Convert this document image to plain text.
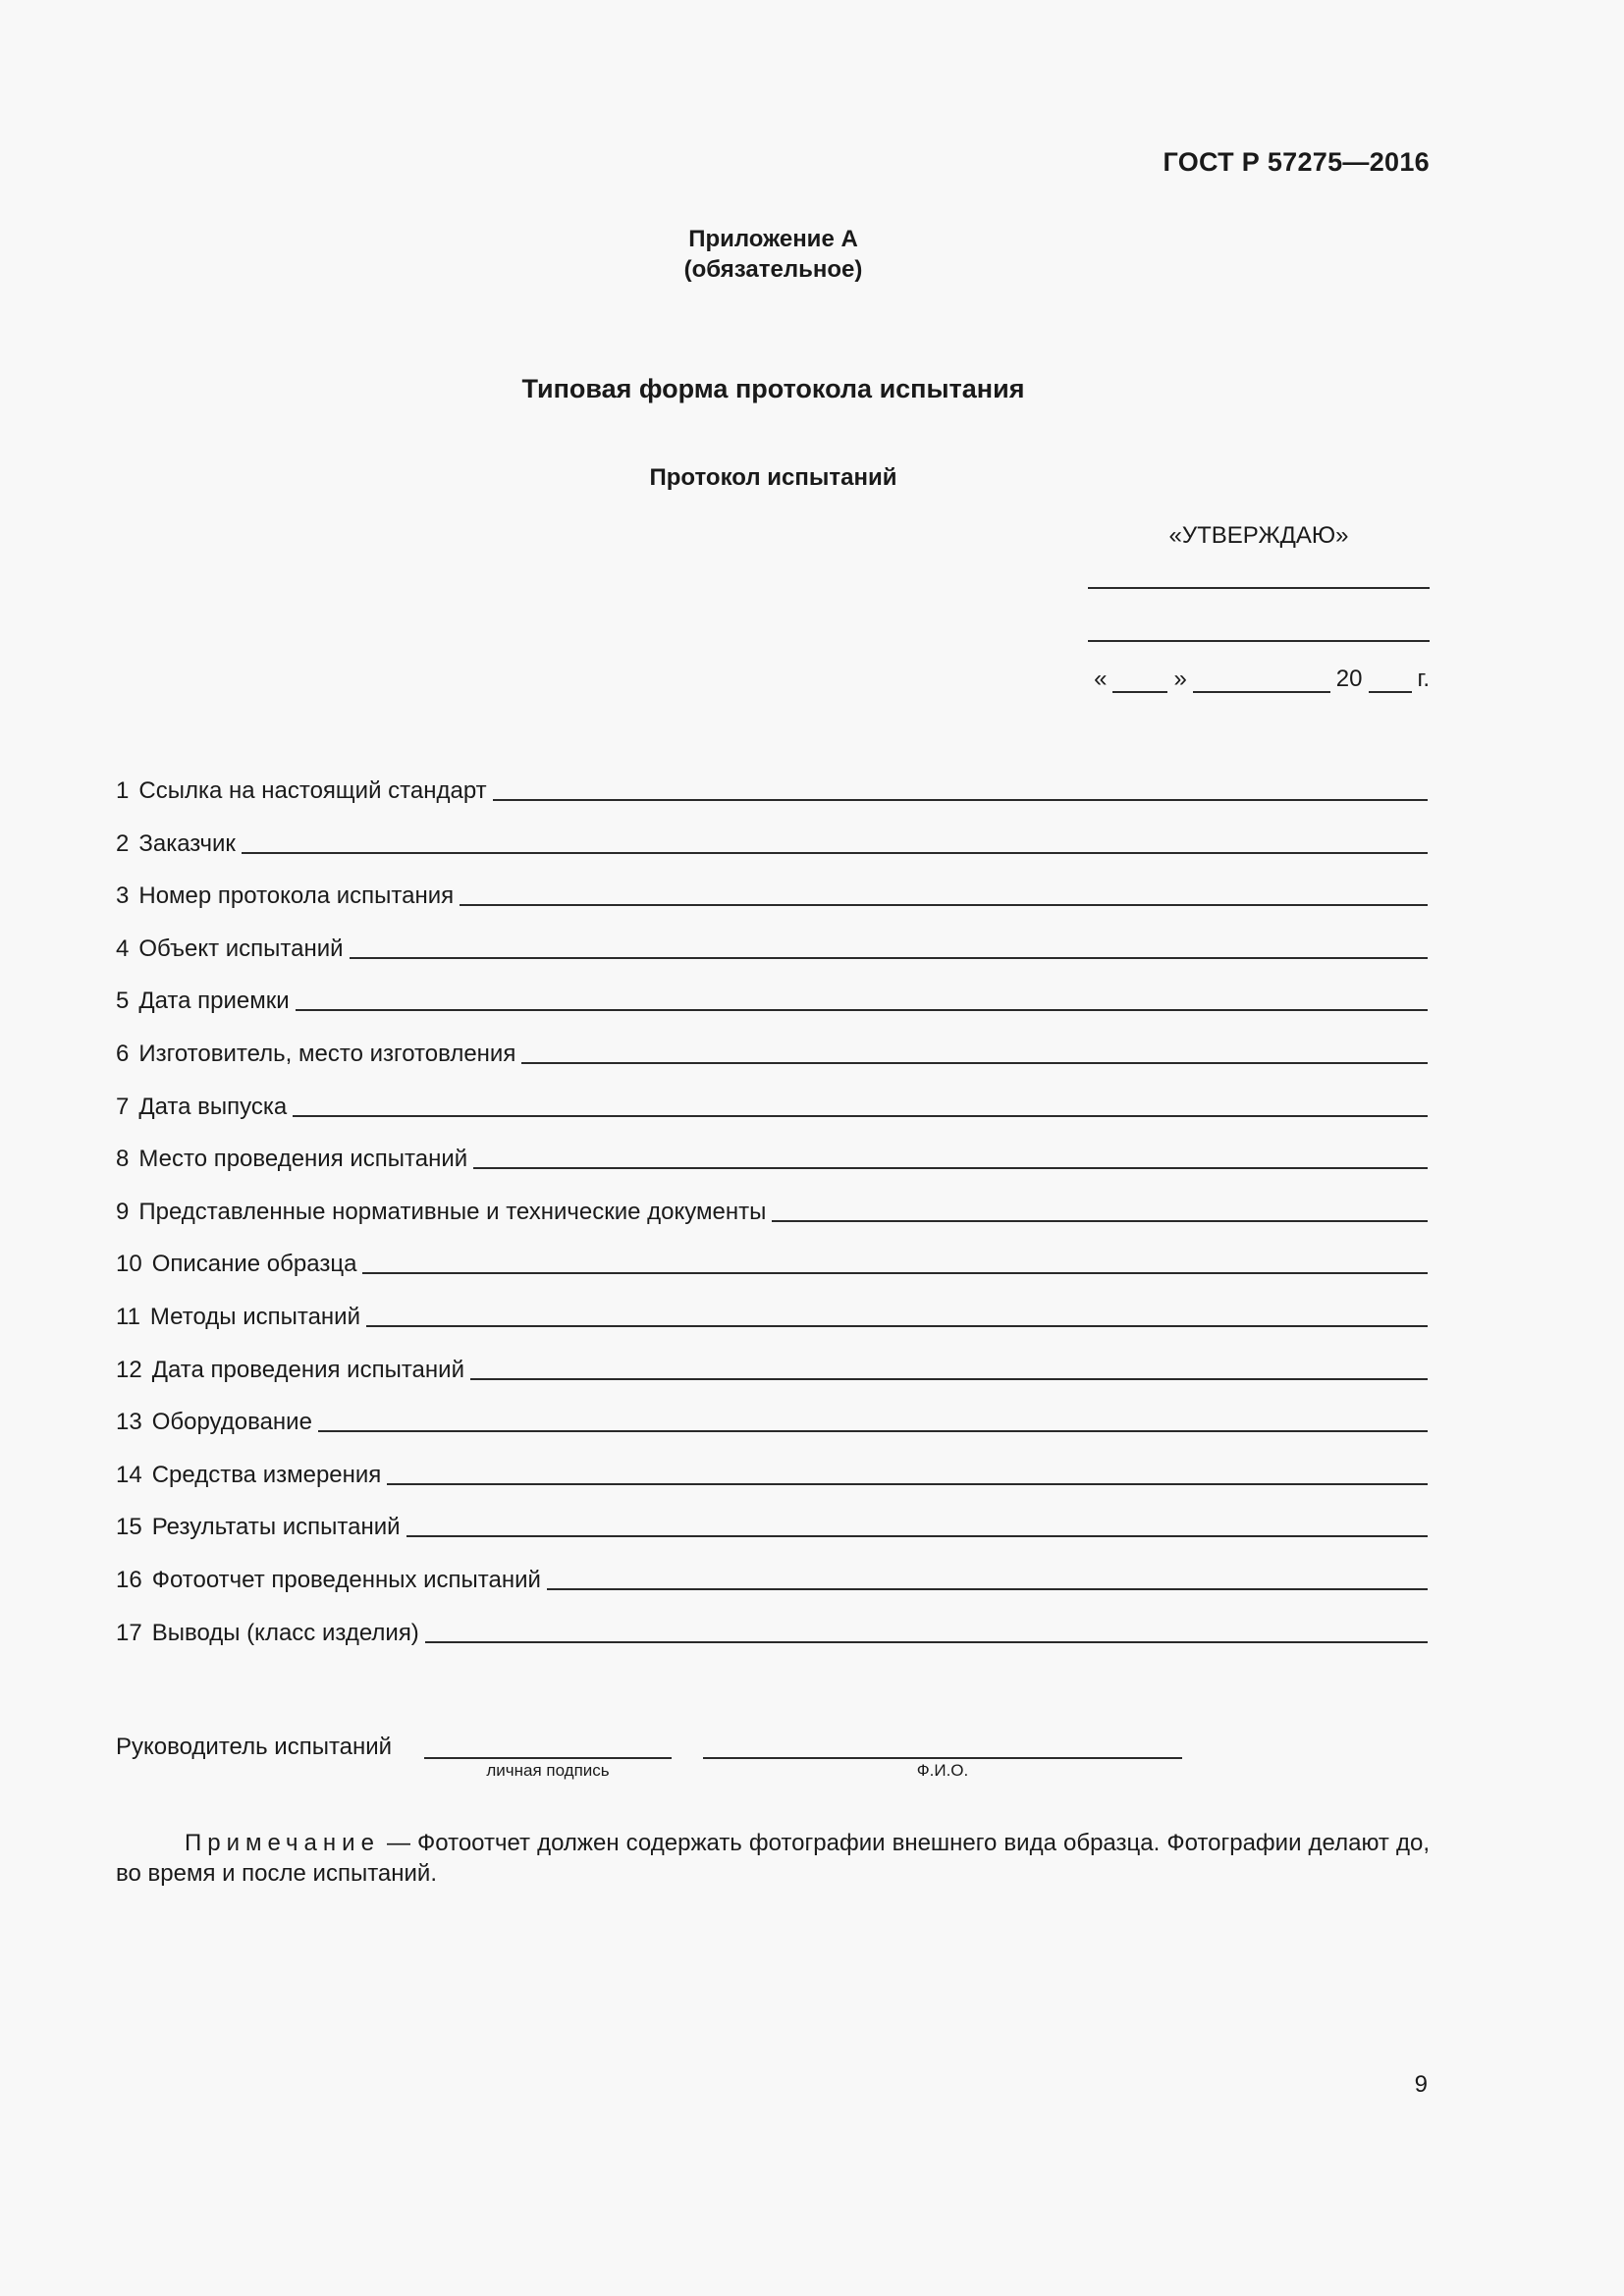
ГОСТ Р 57275—2016
Приложение А
(обязательное)
Типовая форма протокола испытания
Протокол испытаний
«УТВЕРЖДАЮ»
«	»	20 г.
1 Ссылка на настоящий стандарт
2 Заказчик
3 Номер протокола испытания
4 Объект испытаний
5 Дата приемки
6 Изготовитель, место изготовления
7 Дата выпуска
8 Место проведения испытаний
9 Представленные нормативные и технические документы
10 Описание образца
11 Методы испытаний
12 Дата проведения испытаний
13 Оборудование
14 Средства измерения
15 Результаты испытаний
16 Фотоотчет проведенных испытаний
17 Выводы (класс изделия)
Руководитель испытаний
личная подпись	Ф.И.О.
Примечание — Фотоотчет должен содержать фотографии внешнего вида образца. Фотографии делают до, во время и после испытаний.
9
